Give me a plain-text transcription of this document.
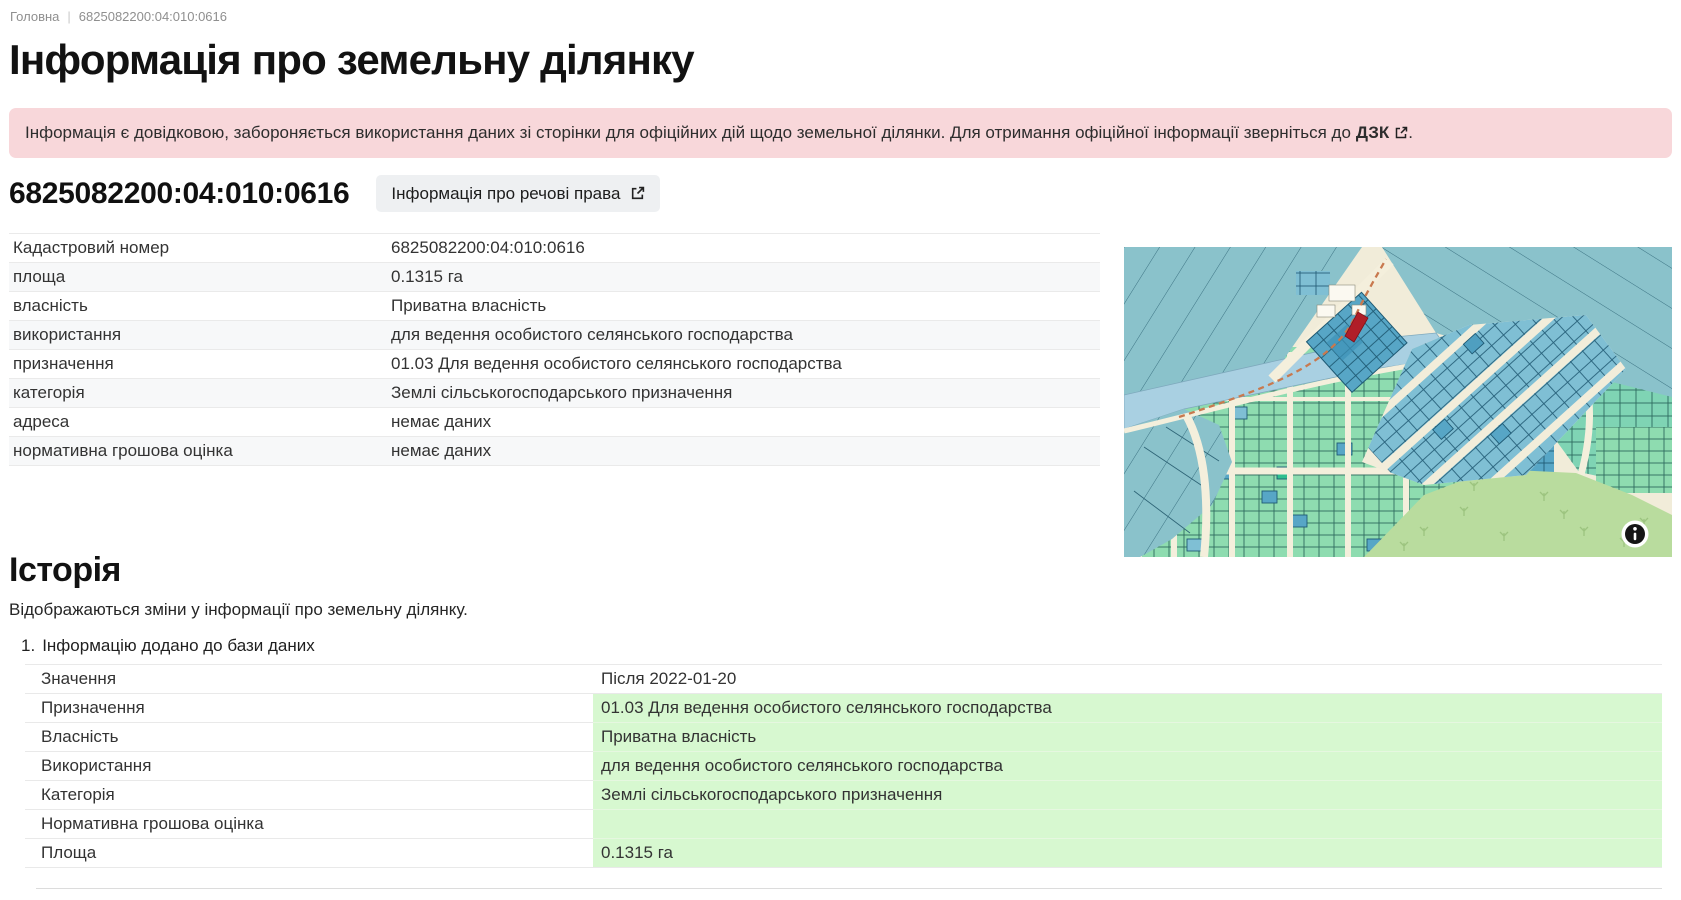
Головна | 6825082200:04:010:0616
Інформація про земельну ділянку
Інформація є довідковою, забороняється використання даних зі сторінки для офіційних дій щодо земельної ділянки. Для отримання офіційної інформації зверніться до ДЗК .
6825082200:04:010:0616 Інформація про речові права
Кадастровий номер	6825082200:04:010:0616
площа	0.1315 га
власність	Приватна власність
використання	для ведення особистого селянського господарства
призначення	01.03 Для ведення особистого селянського господарства
категорія	Землі сільськогосподарського призначення
адреса	немає даних
нормативна грошова оцінка	немає даних
Історія
Відображаються зміни у інформації про земельну ділянку.
1. Інформацію додано до бази даних
Значення	Після 2022-01-20
Призначення	01.03 Для ведення особистого селянського господарства
Власність	Приватна власність
Використання	для ведення особистого селянського господарства
Категорія	Землі сільськогосподарського призначення
Нормативна грошова оцінка	
Площа	0.1315 га
